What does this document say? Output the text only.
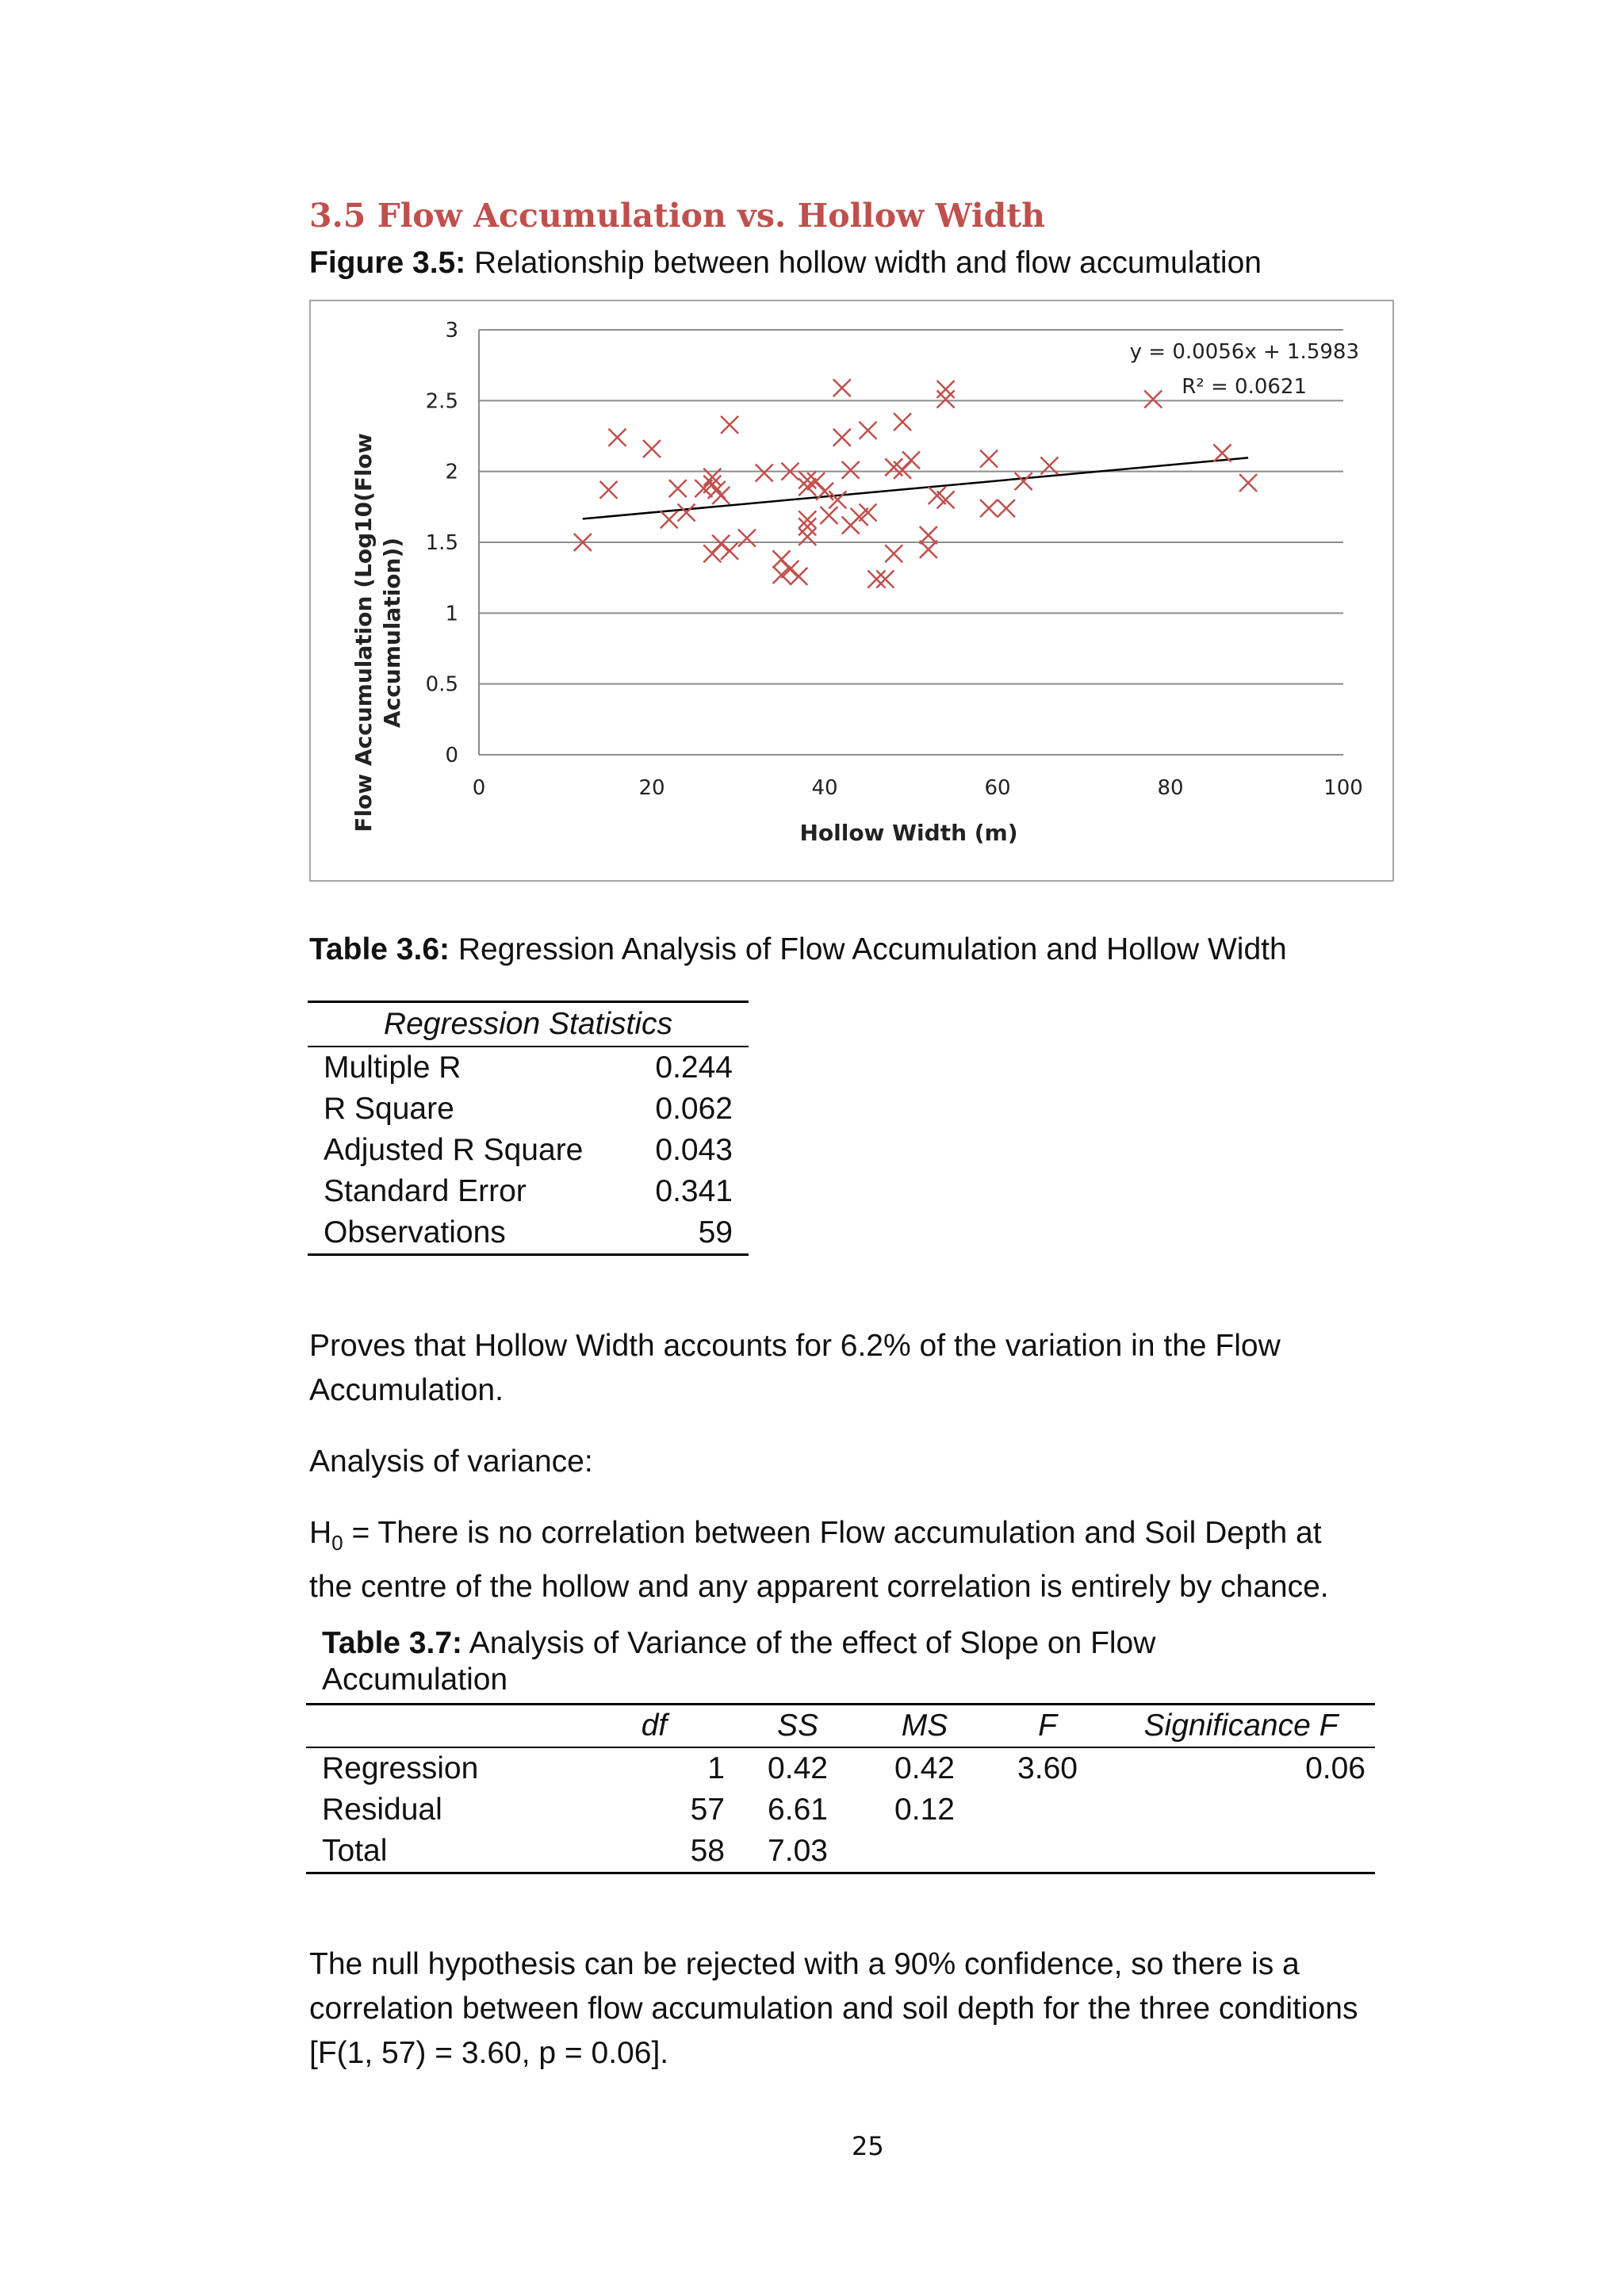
3.5 Flow Accumulation vs. Hollow Width
Figure 3.5: Relationship between hollow width and flow accumulation
0
0.5
1
1.5
2
2.5
3
0	20	40	60	80	100
y = 0.0056x + 1.5983
R² = 0.0621
Hollow Width (m)
Flow Accumulation (Log10(Flow Accumulation))
Table 3.6: Regression Analysis of Flow Accumulation and Hollow Width
Regression Statistics	
Multiple R	0.244
R Square	0.062
Adjusted R Square	0.043
Standard Error	0.341
Observations	59
Proves that Hollow Width accounts for 6.2% of the variation in the Flow
Accumulation.
Analysis of variance:
$H_0$ = There is no correlation between Flow accumulation and Soil Depth at
the centre of the hollow and any apparent correlation is entirely by chance.
Table 3.7: Analysis of Variance of the effect of Slope on Flow
Accumulation
	df	SS	MS	F	Significance F
Regression	1	0.42	0.42	3.60	0.06
Residual	57	6.61	0.12		
Total	58	7.03			
The null hypothesis can be rejected with a 90% confidence, so there is a
correlation between flow accumulation and soil depth for the three conditions
[F(1, 57) = 3.60, p = 0.06].
25
